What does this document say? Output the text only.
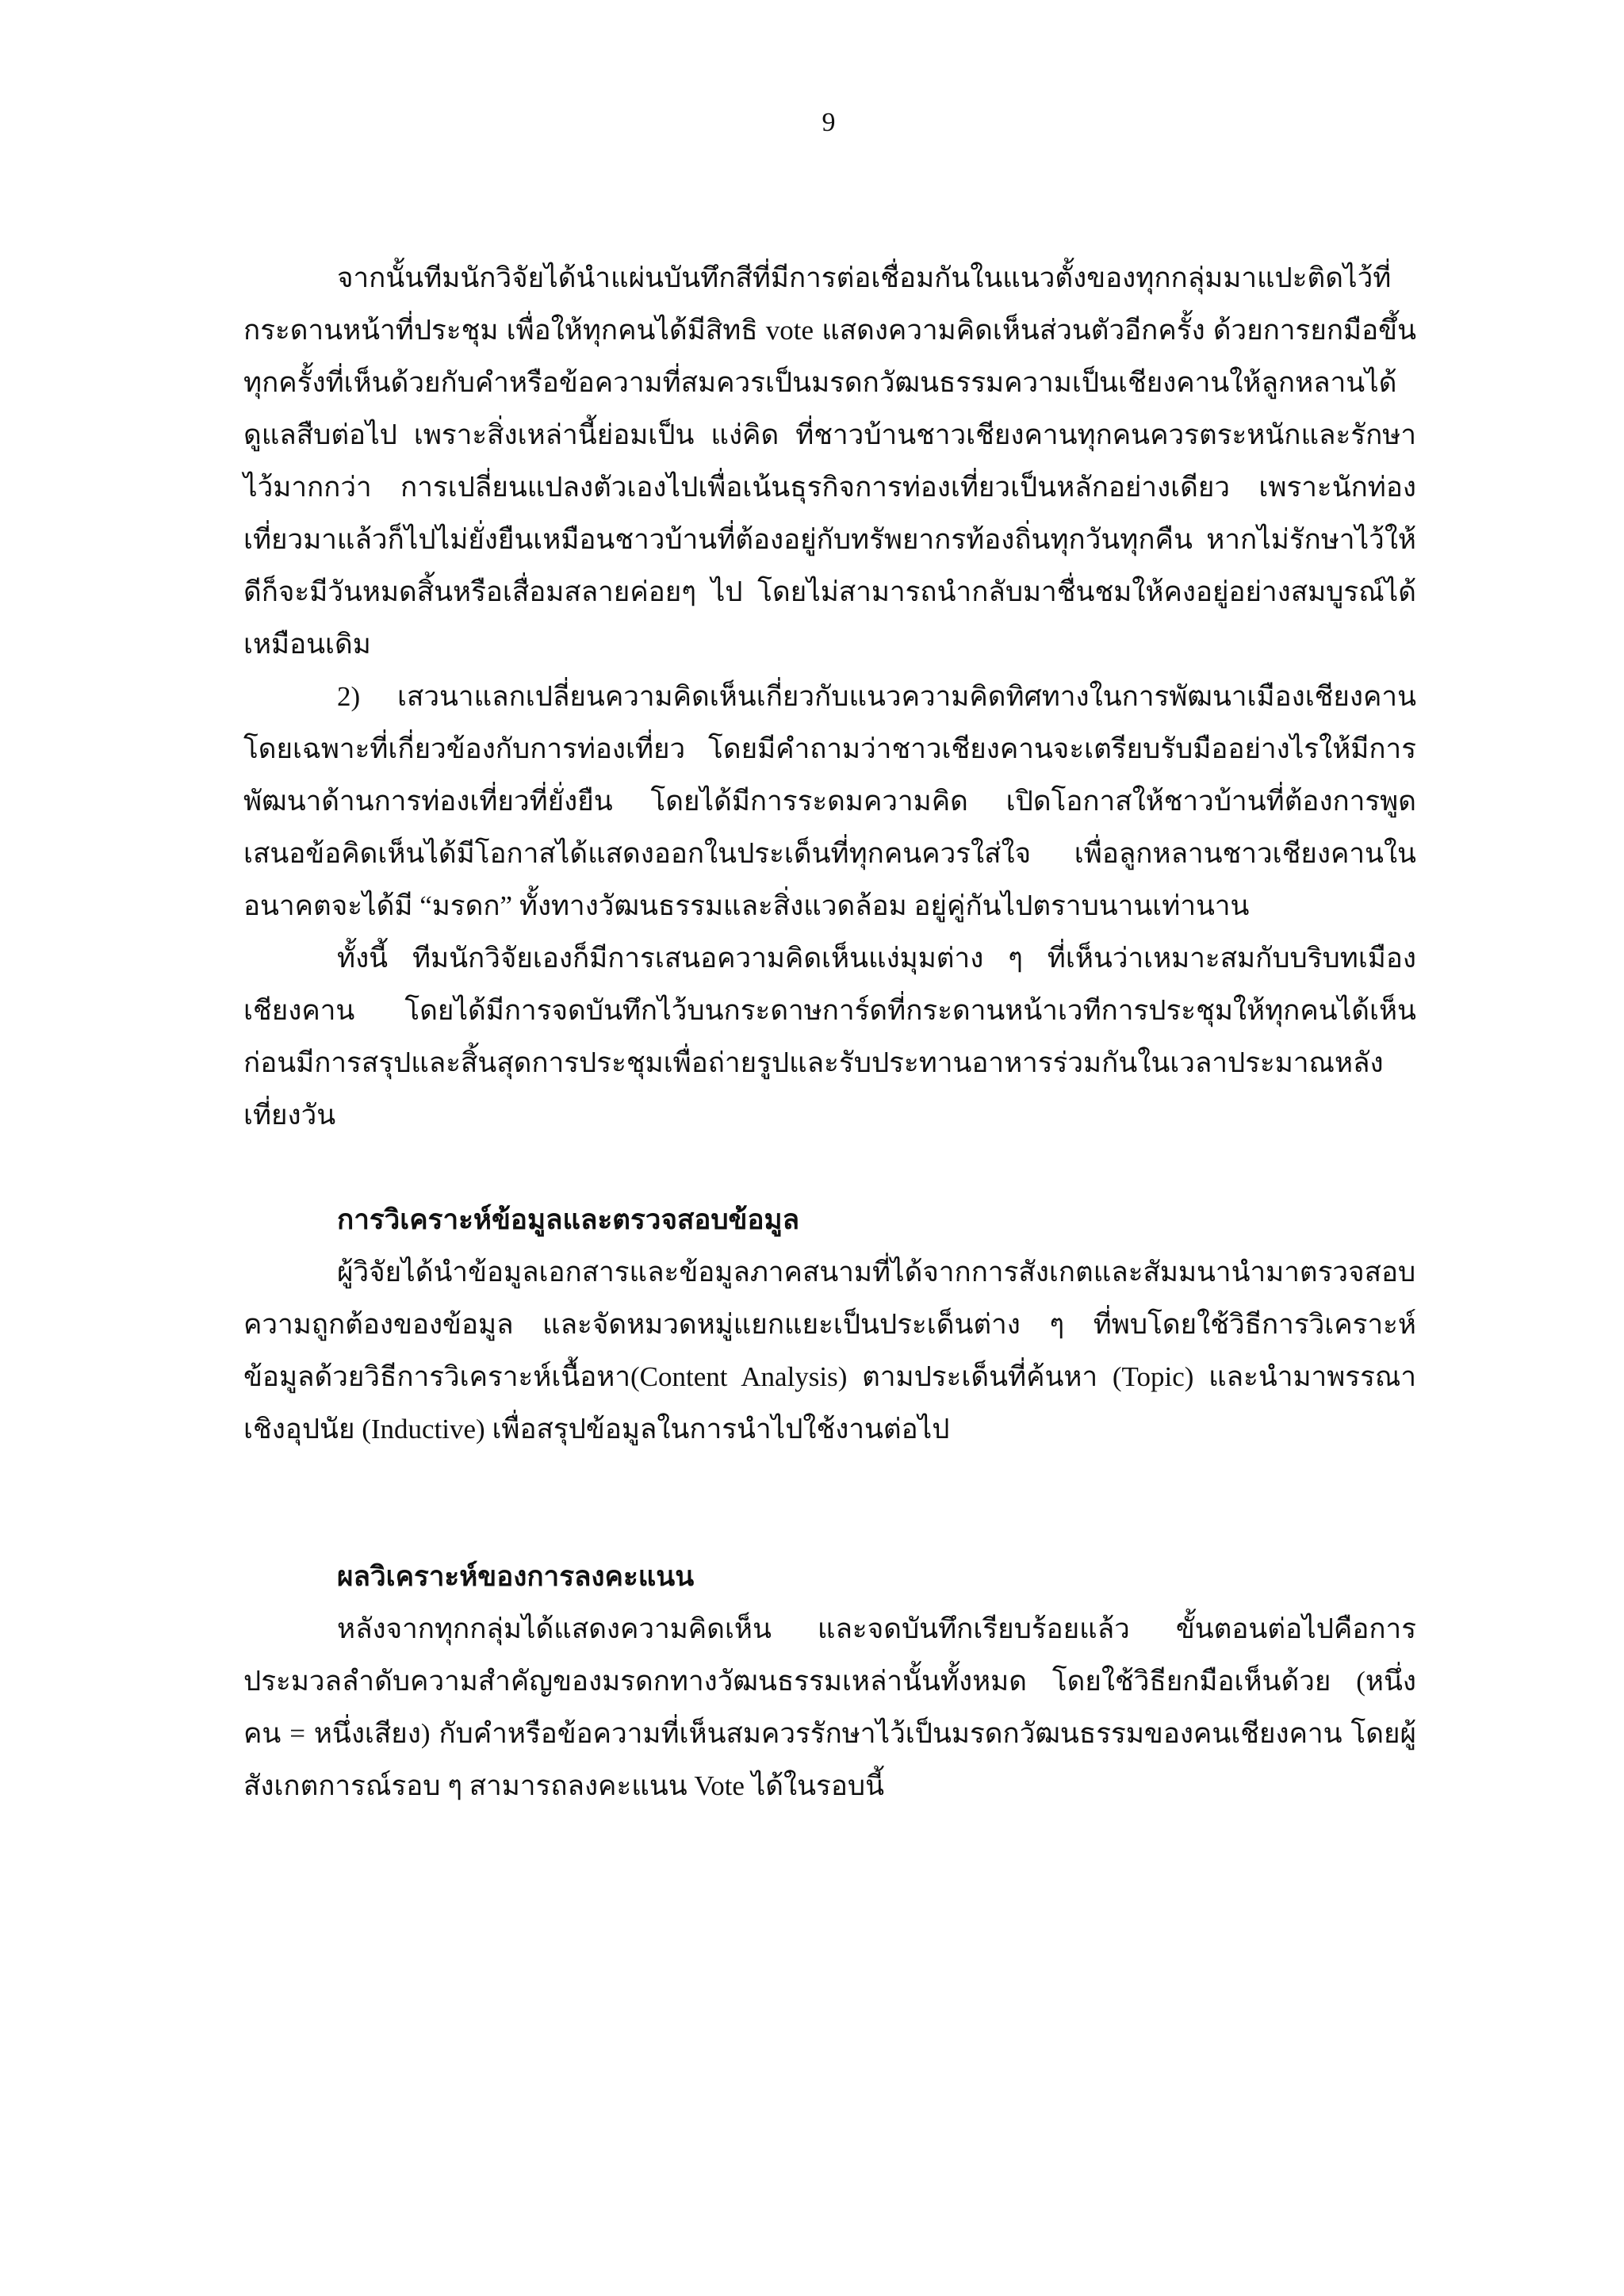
9

จากนั้นทีมนักวิจัยได้นำแผ่นบันทึกสีที่มีการต่อเชื่อมกันในแนวตั้งของทุกกลุ่มมาแปะติดไว้ที่กระดานหน้าที่ประชุม เพื่อให้ทุกคนได้มีสิทธิ vote แสดงความคิดเห็นส่วนตัวอีกครั้ง ด้วยการยกมือขึ้นทุกครั้งที่เห็นด้วยกับคำหรือข้อความที่สมควรเป็นมรดกวัฒนธรรมความเป็นเชียงคานให้ลูกหลานได้ดูแลสืบต่อไป เพราะสิ่งเหล่านี้ย่อมเป็น แง่คิด ที่ชาวบ้านชาวเชียงคานทุกคนควรตระหนักและรักษาไว้มากกว่า การเปลี่ยนแปลงตัวเองไปเพื่อเน้นธุรกิจการท่องเที่ยวเป็นหลักอย่างเดียว เพราะนักท่องเที่ยวมาแล้วก็ไปไม่ยั่งยืนเหมือนชาวบ้านที่ต้องอยู่กับทรัพยากรท้องถิ่นทุกวันทุกคืน หากไม่รักษาไว้ให้ดีก็จะมีวันหมดสิ้นหรือเสื่อมสลายค่อยๆ ไป โดยไม่สามารถนำกลับมาชื่นชมให้คงอยู่อย่างสมบูรณ์ได้เหมือนเดิม

2) เสวนาแลกเปลี่ยนความคิดเห็นเกี่ยวกับแนวความคิดทิศทางในการพัฒนาเมืองเชียงคาน โดยเฉพาะที่เกี่ยวข้องกับการท่องเที่ยว โดยมีคำถามว่าชาวเชียงคานจะเตรียบรับมืออย่างไรให้มีการพัฒนาด้านการท่องเที่ยวที่ยั่งยืน โดยได้มีการระดมความคิด เปิดโอกาสให้ชาวบ้านที่ต้องการพูดเสนอข้อคิดเห็นได้มีโอกาสได้แสดงออกในประเด็นที่ทุกคนควรใส่ใจ เพื่อลูกหลานชาวเชียงคานในอนาคตจะได้มี “มรดก” ทั้งทางวัฒนธรรมและสิ่งแวดล้อม อยู่คู่กันไปตราบนานเท่านาน

ทั้งนี้ ทีมนักวิจัยเองก็มีการเสนอความคิดเห็นแง่มุมต่าง ๆ ที่เห็นว่าเหมาะสมกับบริบทเมืองเชียงคาน โดยได้มีการจดบันทึกไว้บนกระดาษการ์ดที่กระดานหน้าเวทีการประชุมให้ทุกคนได้เห็นก่อนมีการสรุปและสิ้นสุดการประชุมเพื่อถ่ายรูปและรับประทานอาหารร่วมกันในเวลาประมาณหลังเที่ยงวัน

การวิเคราะห์ข้อมูลและตรวจสอบข้อมูล

ผู้วิจัยได้นำข้อมูลเอกสารและข้อมูลภาคสนามที่ได้จากการสังเกตและสัมมนานำมาตรวจสอบความถูกต้องของข้อมูล และจัดหมวดหมู่แยกแยะเป็นประเด็นต่าง ๆ ที่พบโดยใช้วิธีการวิเคราะห์ข้อมูลด้วยวิธีการวิเคราะห์เนื้อหา(Content Analysis) ตามประเด็นที่ค้นหา (Topic) และนำมาพรรณาเชิงอุปนัย (Inductive) เพื่อสรุปข้อมูลในการนำไปใช้งานต่อไป

ผลวิเคราะห์ของการลงคะแนน

หลังจากทุกกลุ่มได้แสดงความคิดเห็น และจดบันทึกเรียบร้อยแล้ว ขั้นตอนต่อไปคือการประมวลลำดับความสำคัญของมรดกทางวัฒนธรรมเหล่านั้นทั้งหมด โดยใช้วิธียกมือเห็นด้วย (หนึ่งคน = หนึ่งเสียง) กับคำหรือข้อความที่เห็นสมควรรักษาไว้เป็นมรดกวัฒนธรรมของคนเชียงคาน โดยผู้สังเกตการณ์รอบ ๆ สามารถลงคะแนน Vote ได้ในรอบนี้
